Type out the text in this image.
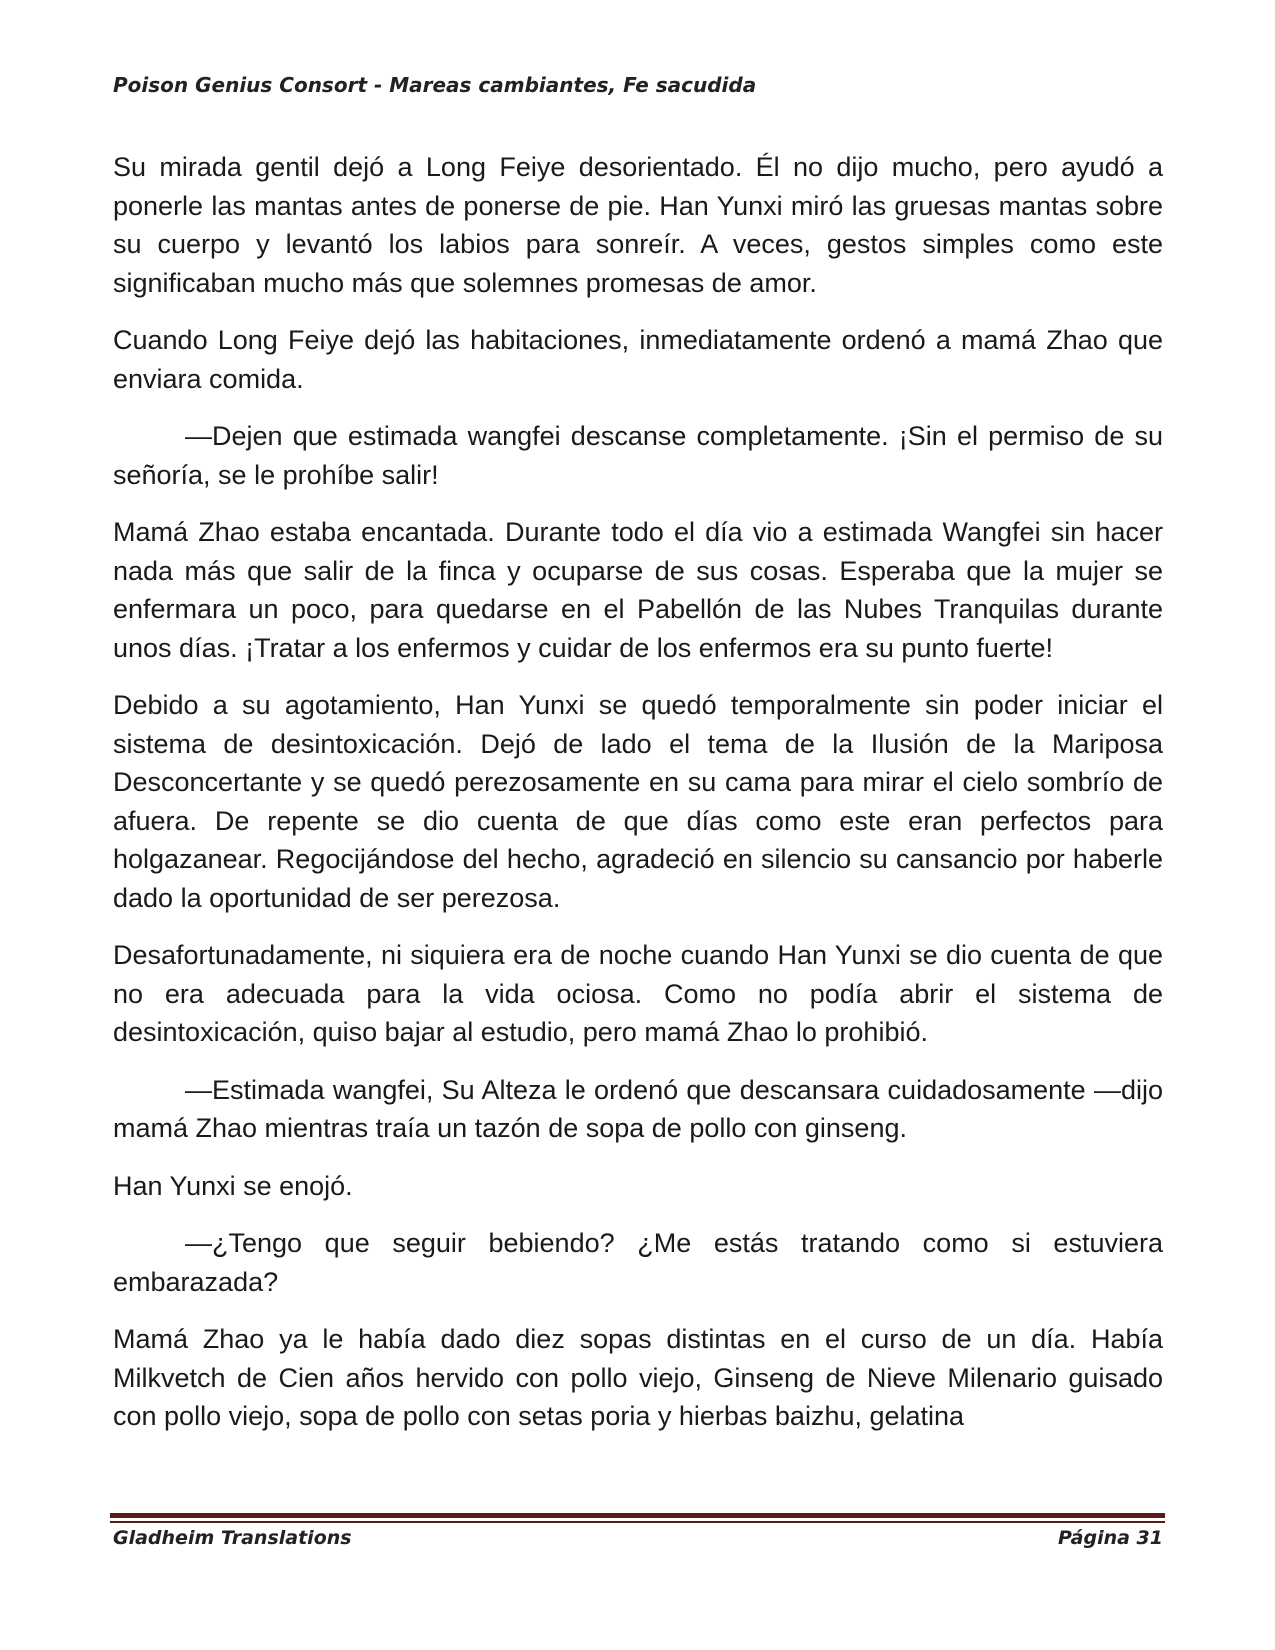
Poison Genius Consort - Mareas cambiantes, Fe sacudida

Su mirada gentil dejó a Long Feiye desorientado. Él no dijo mucho, pero ayudó a ponerle las mantas antes de ponerse de pie. Han Yunxi miró las gruesas mantas sobre su cuerpo y levantó los labios para sonreír. A veces, gestos simples como este significaban mucho más que solemnes promesas de amor.

Cuando Long Feiye dejó las habitaciones, inmediatamente ordenó a mamá Zhao que enviara comida.

—Dejen que estimada wangfei descanse completamente. ¡Sin el permiso de su señoría, se le prohíbe salir!

Mamá Zhao estaba encantada. Durante todo el día vio a estimada Wangfei sin hacer nada más que salir de la finca y ocuparse de sus cosas. Esperaba que la mujer se enfermara un poco, para quedarse en el Pabellón de las Nubes Tranquilas durante unos días. ¡Tratar a los enfermos y cuidar de los enfermos era su punto fuerte!

Debido a su agotamiento, Han Yunxi se quedó temporalmente sin poder iniciar el sistema de desintoxicación. Dejó de lado el tema de la Ilusión de la Mariposa Desconcertante y se quedó perezosamente en su cama para mirar el cielo sombrío de afuera. De repente se dio cuenta de que días como este eran perfectos para holgazanear. Regocijándose del hecho, agradeció en silencio su cansancio por haberle dado la oportunidad de ser perezosa.

Desafortunadamente, ni siquiera era de noche cuando Han Yunxi se dio cuenta de que no era adecuada para la vida ociosa. Como no podía abrir el sistema de desintoxicación, quiso bajar al estudio, pero mamá Zhao lo prohibió.

—Estimada wangfei, Su Alteza le ordenó que descansara cuidadosamente —dijo mamá Zhao mientras traía un tazón de sopa de pollo con ginseng.

Han Yunxi se enojó.

—¿Tengo que seguir bebiendo? ¿Me estás tratando como si estuviera embarazada?

Mamá Zhao ya le había dado diez sopas distintas en el curso de un día. Había Milkvetch de Cien años hervido con pollo viejo, Ginseng de Nieve Milenario guisado con pollo viejo, sopa de pollo con setas poria y hierbas baizhu, gelatina

Gladheim Translations	Página 31
